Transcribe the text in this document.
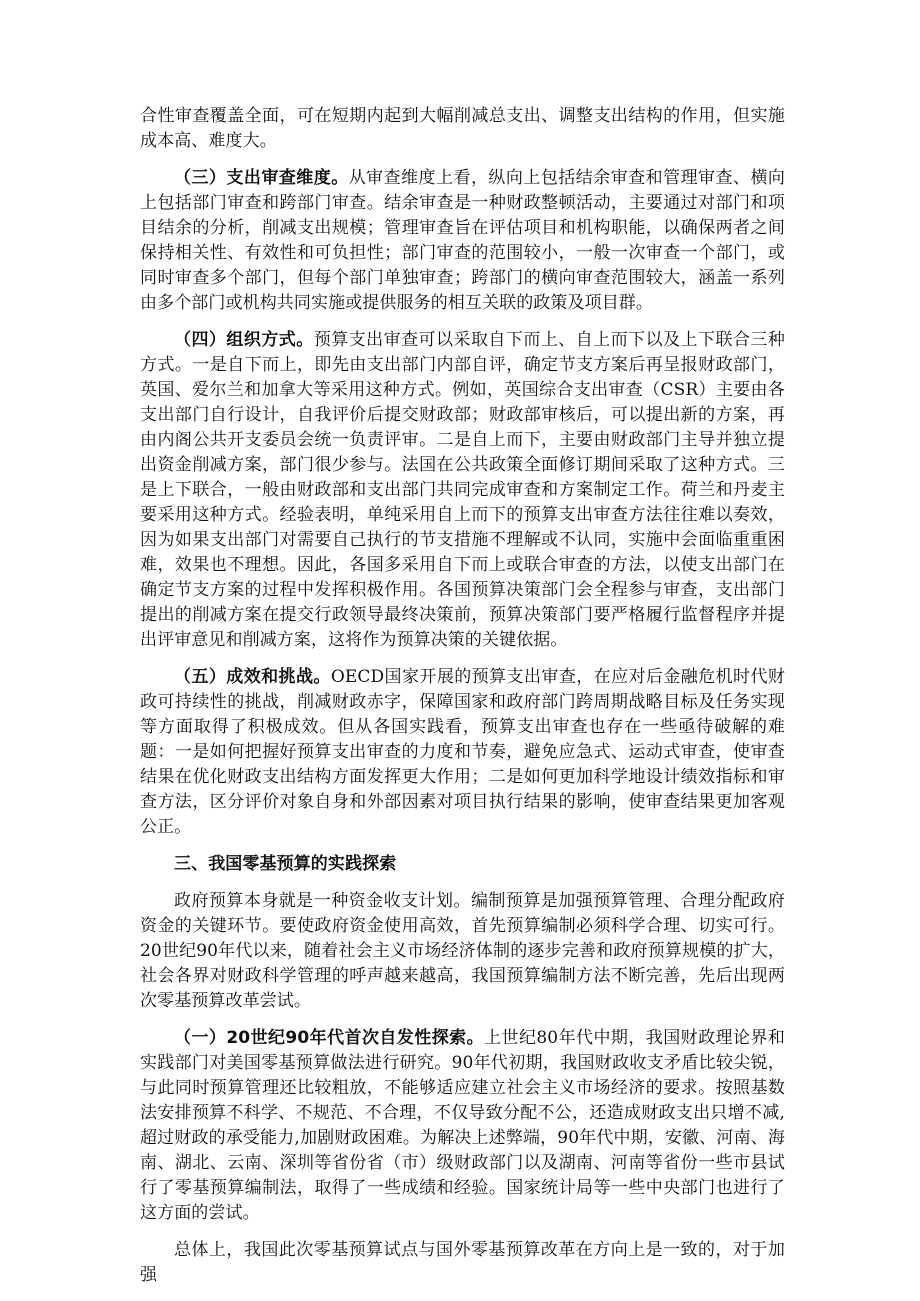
合性审查覆盖全面，可在短期内起到大幅削减总支出、调整支出结构的作用，但实施成本高、难度大。

（三）支出审查维度。从审查维度上看，纵向上包括结余审查和管理审查、横向上包括部门审查和跨部门审查。结余审查是一种财政整顿活动，主要通过对部门和项目结余的分析，削减支出规模；管理审查旨在评估项目和机构职能，以确保两者之间保持相关性、有效性和可负担性；部门审查的范围较小，一般一次审查一个部门，或同时审查多个部门，但每个部门单独审查；跨部门的横向审查范围较大，涵盖一系列由多个部门或机构共同实施或提供服务的相互关联的政策及项目群。

（四）组织方式。预算支出审查可以采取自下而上、自上而下以及上下联合三种方式。一是自下而上，即先由支出部门内部自评，确定节支方案后再呈报财政部门，英国、爱尔兰和加拿大等采用这种方式。例如，英国综合支出审查（CSR）主要由各支出部门自行设计，自我评价后提交财政部；财政部审核后，可以提出新的方案，再由内阁公共开支委员会统一负责评审。二是自上而下，主要由财政部门主导并独立提出资金削减方案，部门很少参与。法国在公共政策全面修订期间采取了这种方式。三是上下联合，一般由财政部和支出部门共同完成审查和方案制定工作。荷兰和丹麦主要采用这种方式。经验表明，单纯采用自上而下的预算支出审查方法往往难以奏效，因为如果支出部门对需要自己执行的节支措施不理解或不认同，实施中会面临重重困难，效果也不理想。因此，各国多采用自下而上或联合审查的方法，以使支出部门在确定节支方案的过程中发挥积极作用。各国预算决策部门会全程参与审查，支出部门提出的削减方案在提交行政领导最终决策前，预算决策部门要严格履行监督程序并提出评审意见和削减方案，这将作为预算决策的关键依据。

（五）成效和挑战。OECD国家开展的预算支出审查，在应对后金融危机时代财政可持续性的挑战，削减财政赤字，保障国家和政府部门跨周期战略目标及任务实现等方面取得了积极成效。但从各国实践看，预算支出审查也存在一些亟待破解的难题：一是如何把握好预算支出审查的力度和节奏，避免应急式、运动式审查，使审查结果在优化财政支出结构方面发挥更大作用；二是如何更加科学地设计绩效指标和审查方法，区分评价对象自身和外部因素对项目执行结果的影响，使审查结果更加客观公正。

三、我国零基预算的实践探索

政府预算本身就是一种资金收支计划。编制预算是加强预算管理、合理分配政府资金的关键环节。要使政府资金使用高效，首先预算编制必须科学合理、切实可行。20世纪90年代以来，随着社会主义市场经济体制的逐步完善和政府预算规模的扩大，社会各界对财政科学管理的呼声越来越高，我国预算编制方法不断完善，先后出现两次零基预算改革尝试。

（一）20世纪90年代首次自发性探索。上世纪80年代中期，我国财政理论界和实践部门对美国零基预算做法进行研究。90年代初期，我国财政收支矛盾比较尖锐，与此同时预算管理还比较粗放，不能够适应建立社会主义市场经济的要求。按照基数法安排预算不科学、不规范、不合理，不仅导致分配不公，还造成财政支出只增不减,超过财政的承受能力,加剧财政困难。为解决上述弊端，90年代中期，安徽、河南、海南、湖北、云南、深圳等省份省（市）级财政部门以及湖南、河南等省份一些市县试行了零基预算编制法，取得了一些成绩和经验。国家统计局等一些中央部门也进行了这方面的尝试。

总体上，我国此次零基预算试点与国外零基预算改革在方向上是一致的，对于加强
